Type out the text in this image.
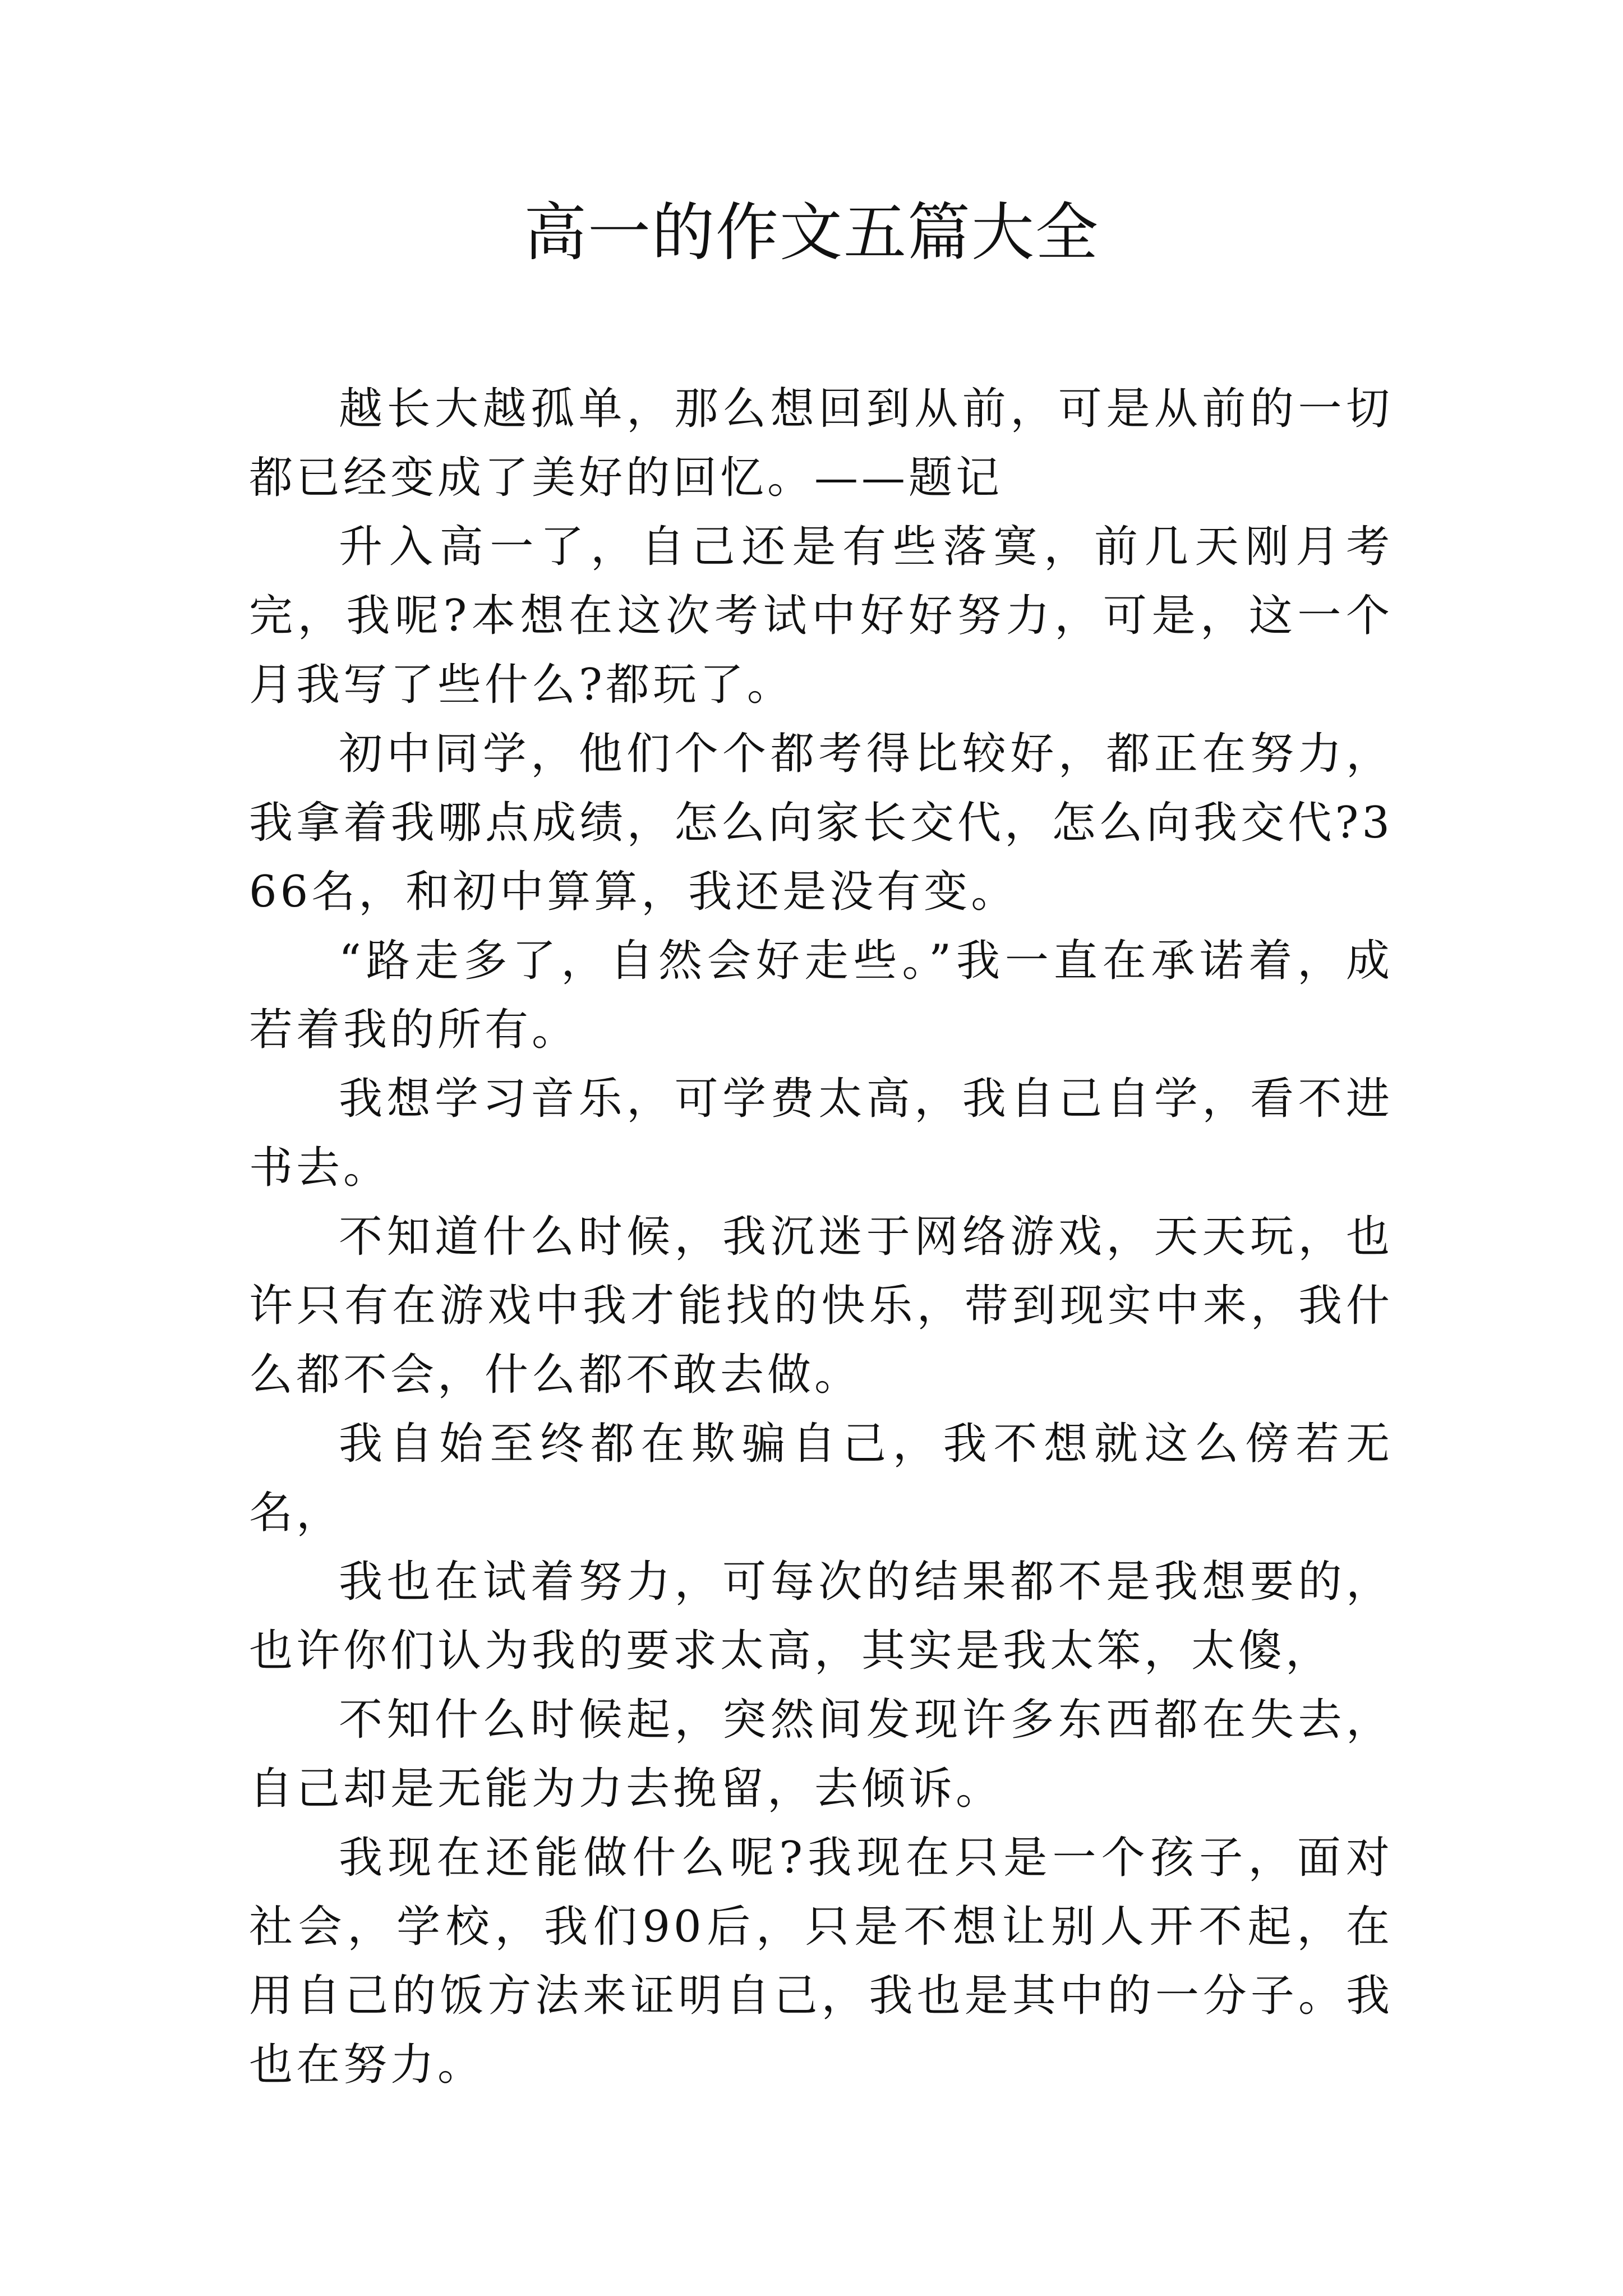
高一的作文五篇大全

越长大越孤单，那么想回到从前，可是从前的一切都已经变成了美好的回忆。——题记

升入高一了，自己还是有些落寞，前几天刚月考完，我呢?本想在这次考试中好好努力，可是，这一个月我写了些什么?都玩了。

初中同学，他们个个都考得比较好，都正在努力，我拿着我哪点成绩，怎么向家长交代，怎么向我交代?366名，和初中算算，我还是没有变。

“路走多了，自然会好走些。”我一直在承诺着，成若着我的所有。

我想学习音乐，可学费太高，我自己自学，看不进书去。

不知道什么时候，我沉迷于网络游戏，天天玩，也许只有在游戏中我才能找的快乐，带到现实中来，我什么都不会，什么都不敢去做。

我自始至终都在欺骗自己，我不想就这么傍若无名，

我也在试着努力，可每次的结果都不是我想要的，也许你们认为我的要求太高，其实是我太笨，太傻，

不知什么时候起，突然间发现许多东西都在失去，自己却是无能为力去挽留，去倾诉。

我现在还能做什么呢?我现在只是一个孩子，面对社会，学校，我们90后，只是不想让别人开不起，在用自己的饭方法来证明自己，我也是其中的一分子。我也在努力。
